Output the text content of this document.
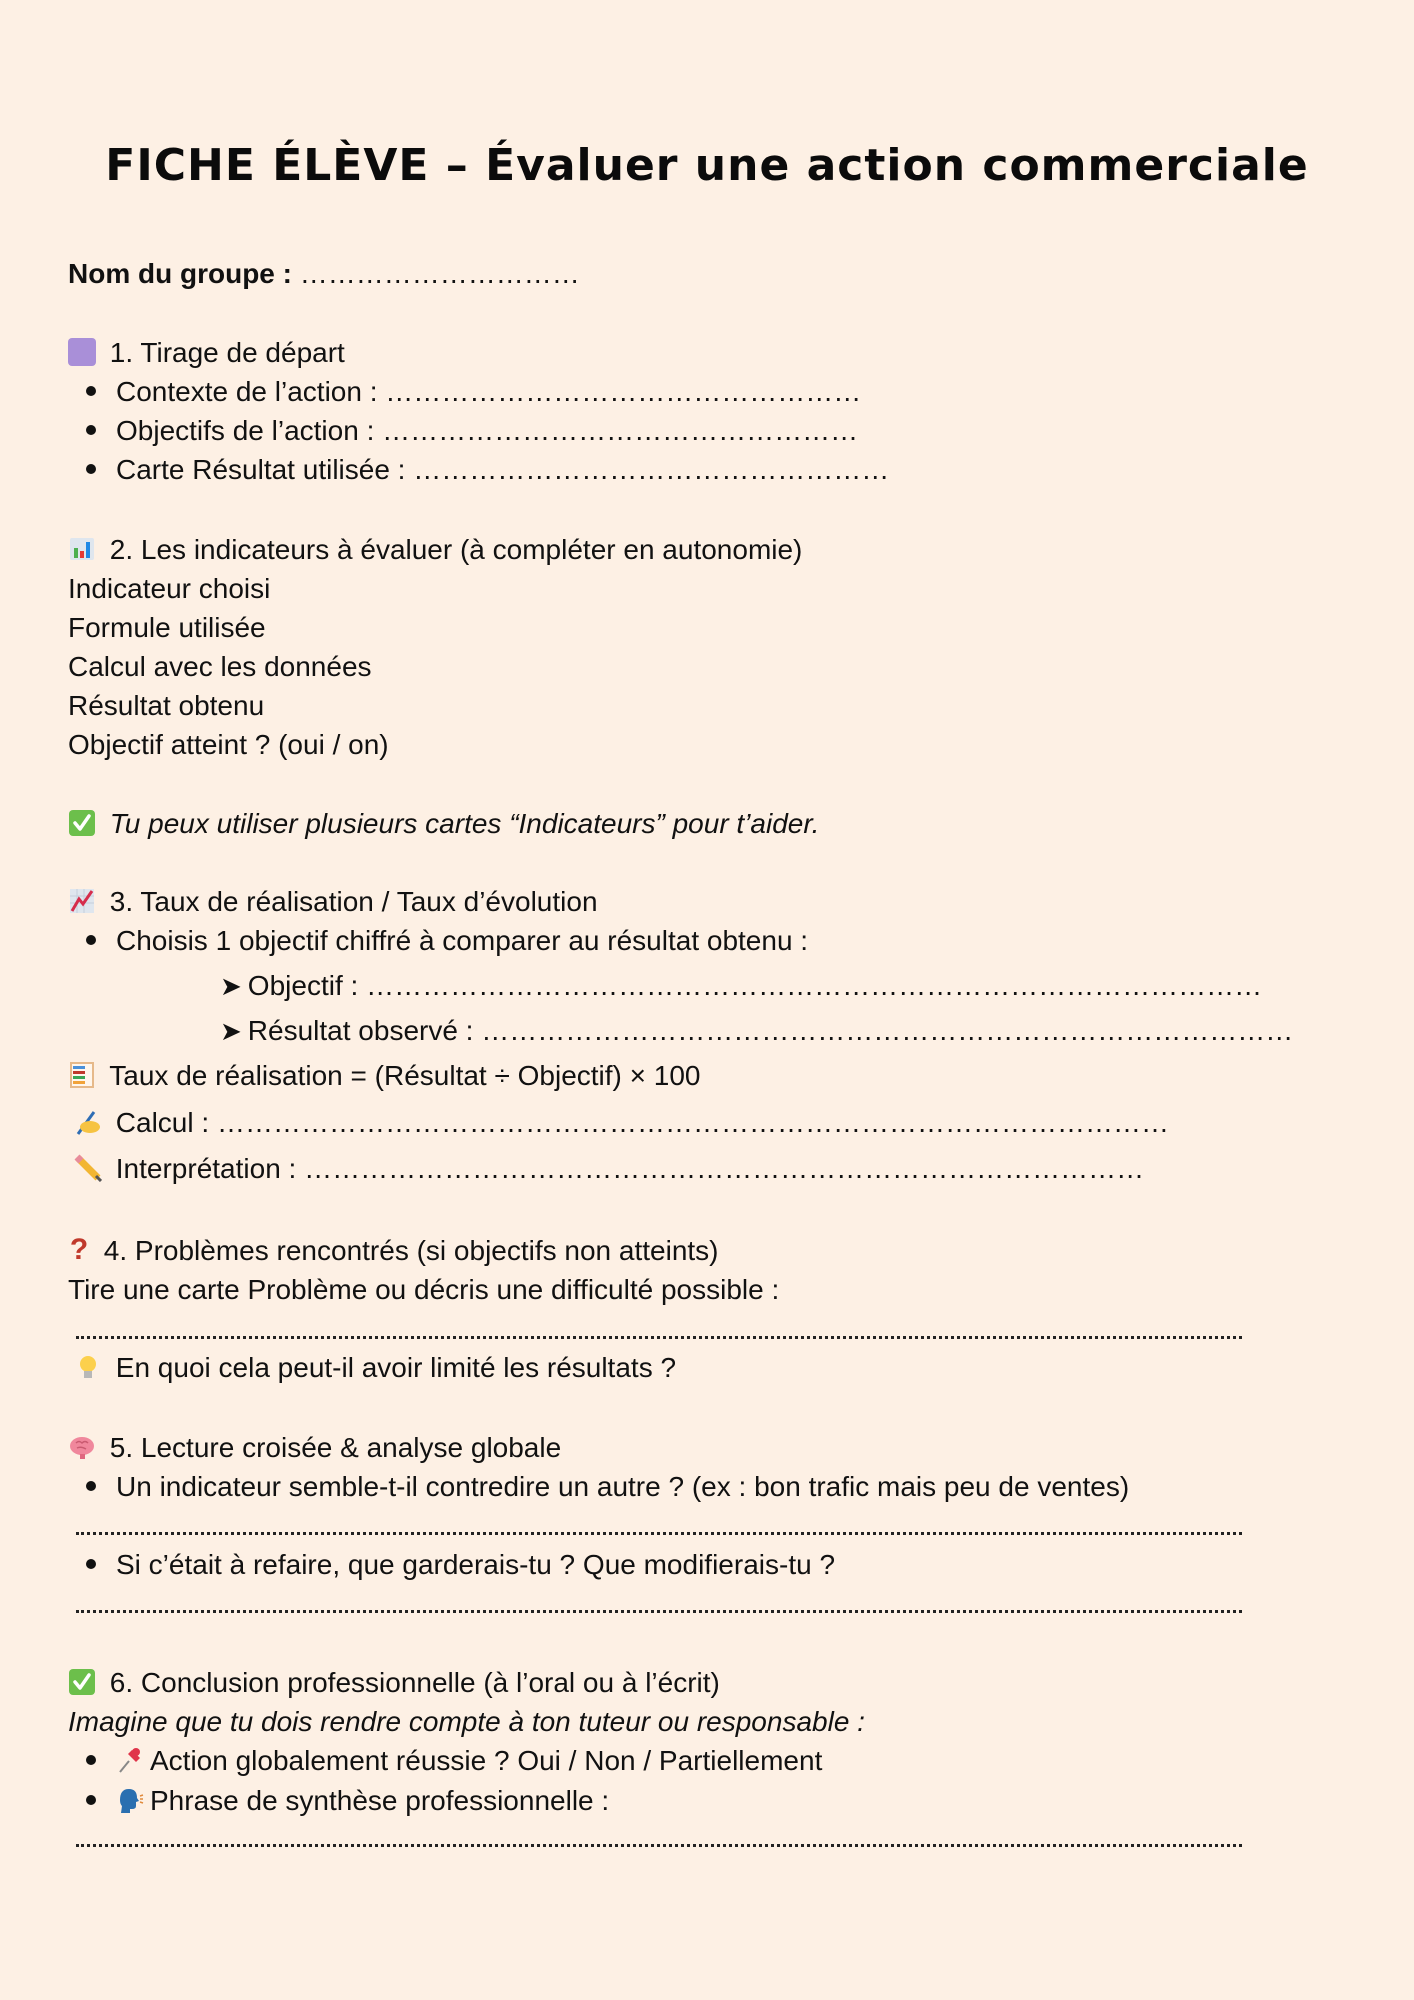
FICHE ÉLÈVE – Évaluer une action commerciale
Nom du groupe : …………………………
1. Tirage de départ
Contexte de l’action : ……………………………………………
Objectifs de l’action : ……………………………………………
Carte Résultat utilisée : ……………………………………………
2. Les indicateurs à évaluer (à compléter en autonomie)
Indicateur choisi
Formule utilisée
Calcul avec les données
Résultat obtenu
Objectif atteint ? (oui / on)
Tu peux utiliser plusieurs cartes “Indicateurs” pour t’aider.
3. Taux de réalisation / Taux d’évolution
Choisis 1 objectif chiffré à comparer au résultat obtenu :
➤ Objectif : ……………………………………………………………………………………
➤ Résultat observé : ……………………………………………………………………………
Taux de réalisation = (Résultat ÷ Objectif) × 100
Calcul : …………………………………………………………………………………………
Interprétation : ………………………………………………………………………………
? 4. Problèmes rencontrés (si objectifs non atteints)
Tire une carte Problème ou décris une difficulté possible :
En quoi cela peut-il avoir limité les résultats ?
5. Lecture croisée & analyse globale
Un indicateur semble-t-il contredire un autre ? (ex : bon trafic mais peu de ventes)
Si c’était à refaire, que garderais-tu ? Que modifierais-tu ?
6. Conclusion professionnelle (à l’oral ou à l’écrit)
Imagine que tu dois rendre compte à ton tuteur ou responsable :
Action globalement réussie ? Oui / Non / Partiellement
Phrase de synthèse professionnelle :
